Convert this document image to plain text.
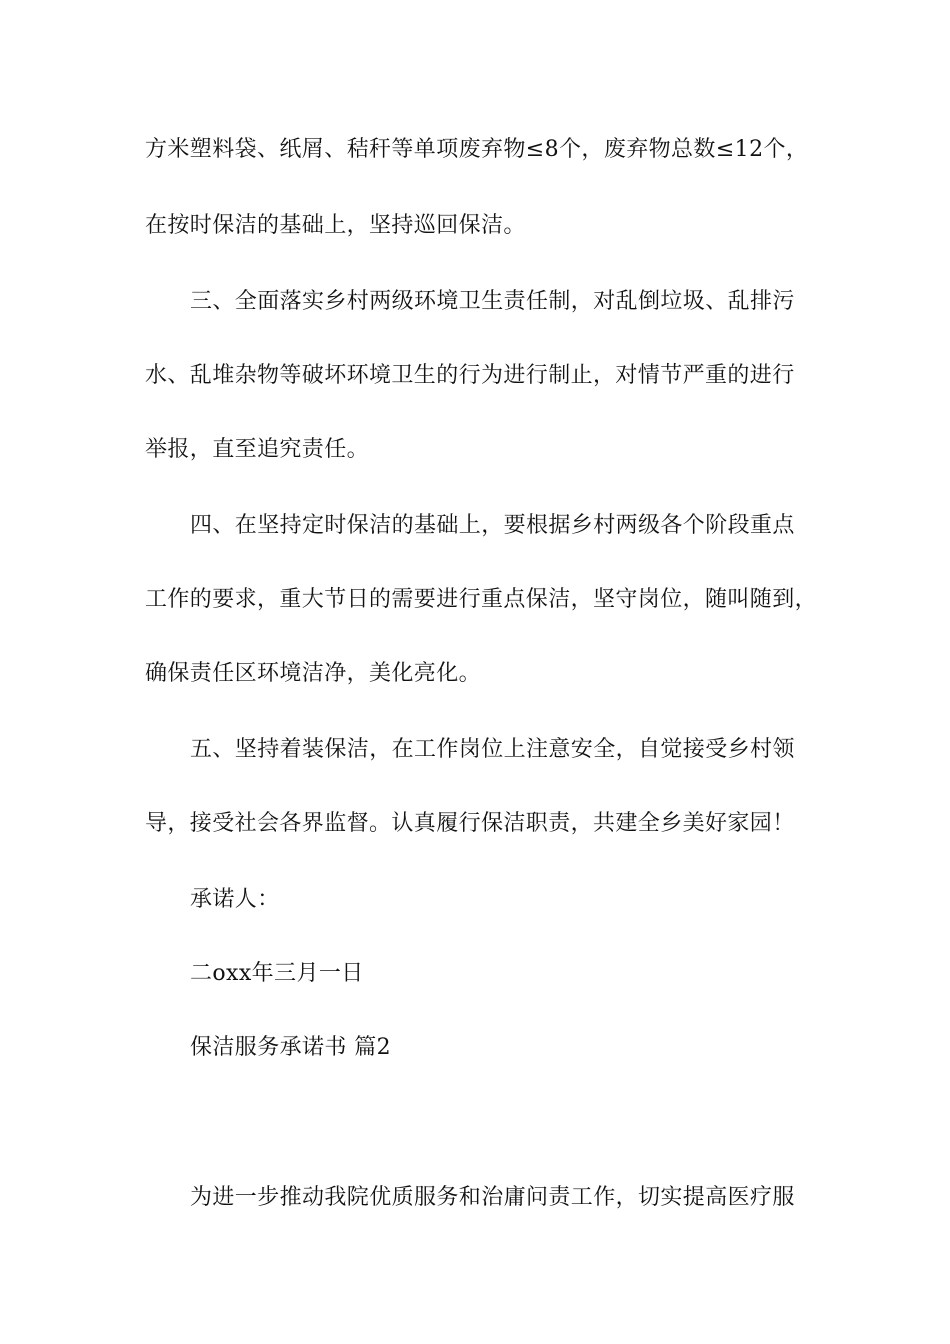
方米塑料袋、纸屑、秸秆等单项废弃物≤8个，废弃物总数≤12个，
在按时保洁的基础上，坚持巡回保洁。
三、全面落实乡村两级环境卫生责任制，对乱倒垃圾、乱排污
水、乱堆杂物等破坏环境卫生的行为进行制止，对情节严重的进行
举报，直至追究责任。
四、在坚持定时保洁的基础上，要根据乡村两级各个阶段重点
工作的要求，重大节日的需要进行重点保洁，坚守岗位，随叫随到，
确保责任区环境洁净，美化亮化。
五、坚持着装保洁，在工作岗位上注意安全，自觉接受乡村领
导，接受社会各界监督。认真履行保洁职责，共建全乡美好家园！
承诺人：
二oxx年三月一日
保洁服务承诺书 篇2
为进一步推动我院优质服务和治庸问责工作，切实提高医疗服
